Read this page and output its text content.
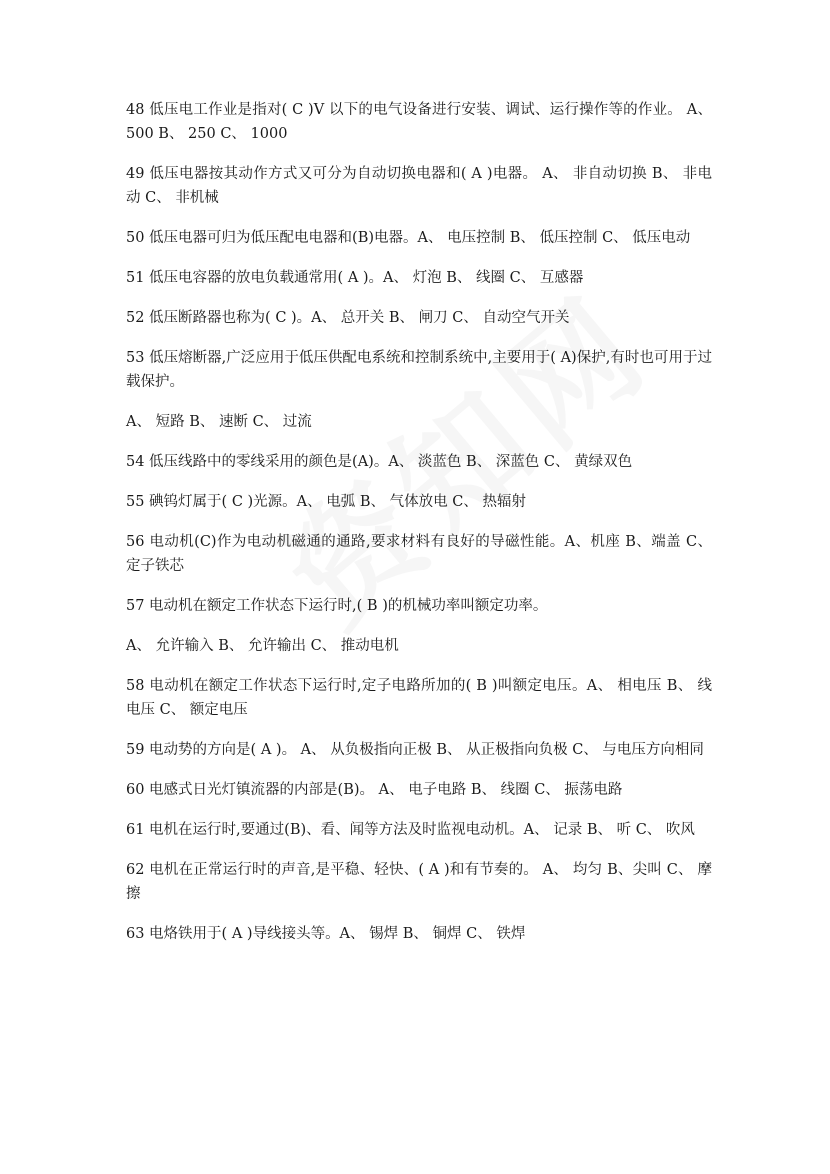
48 低压电工作业是指对( C )V 以下的电气设备进行安装、调试、运行操作等的作业。 A、 500 B、 250 C、 1000

49 低压电器按其动作方式又可分为自动切换电器和( A )电器。 A、 非自动切换 B、 非电动 C、 非机械

50 低压电器可归为低压配电电器和(B)电器。A、 电压控制 B、 低压控制 C、 低压电动

51 低压电容器的放电负载通常用( A )。A、 灯泡 B、 线圈 C、 互感器

52 低压断路器也称为( C )。A、 总开关 B、 闸刀 C、 自动空气开关

53 低压熔断器,广泛应用于低压供配电系统和控制系统中,主要用于( A)保护,有时也可用于过载保护。

A、 短路 B、 速断 C、 过流

54 低压线路中的零线采用的颜色是(A)。A、 淡蓝色 B、 深蓝色 C、 黄绿双色

55 碘钨灯属于( C )光源。A、 电弧 B、 气体放电 C、 热辐射

56 电动机(C)作为电动机磁通的通路,要求材料有良好的导磁性能。A、机座 B、端盖 C、 定子铁芯

57 电动机在额定工作状态下运行时,( B )的机械功率叫额定功率。

A、 允许输入 B、 允许输出 C、 推动电机

58 电动机在额定工作状态下运行时,定子电路所加的( B )叫额定电压。A、 相电压 B、 线电压 C、 额定电压

59 电动势的方向是( A )。 A、 从负极指向正极 B、 从正极指向负极 C、 与电压方向相同

60 电感式日光灯镇流器的内部是(B)。 A、 电子电路 B、 线圈 C、 振荡电路

61 电机在运行时,要通过(B)、看、闻等方法及时监视电动机。A、 记录 B、 听 C、 吹风

62 电机在正常运行时的声音,是平稳、轻快、( A )和有节奏的。 A、 均匀 B、尖叫 C、 摩擦

63 电烙铁用于( A )导线接头等。A、 锡焊 B、 铜焊 C、 铁焊
